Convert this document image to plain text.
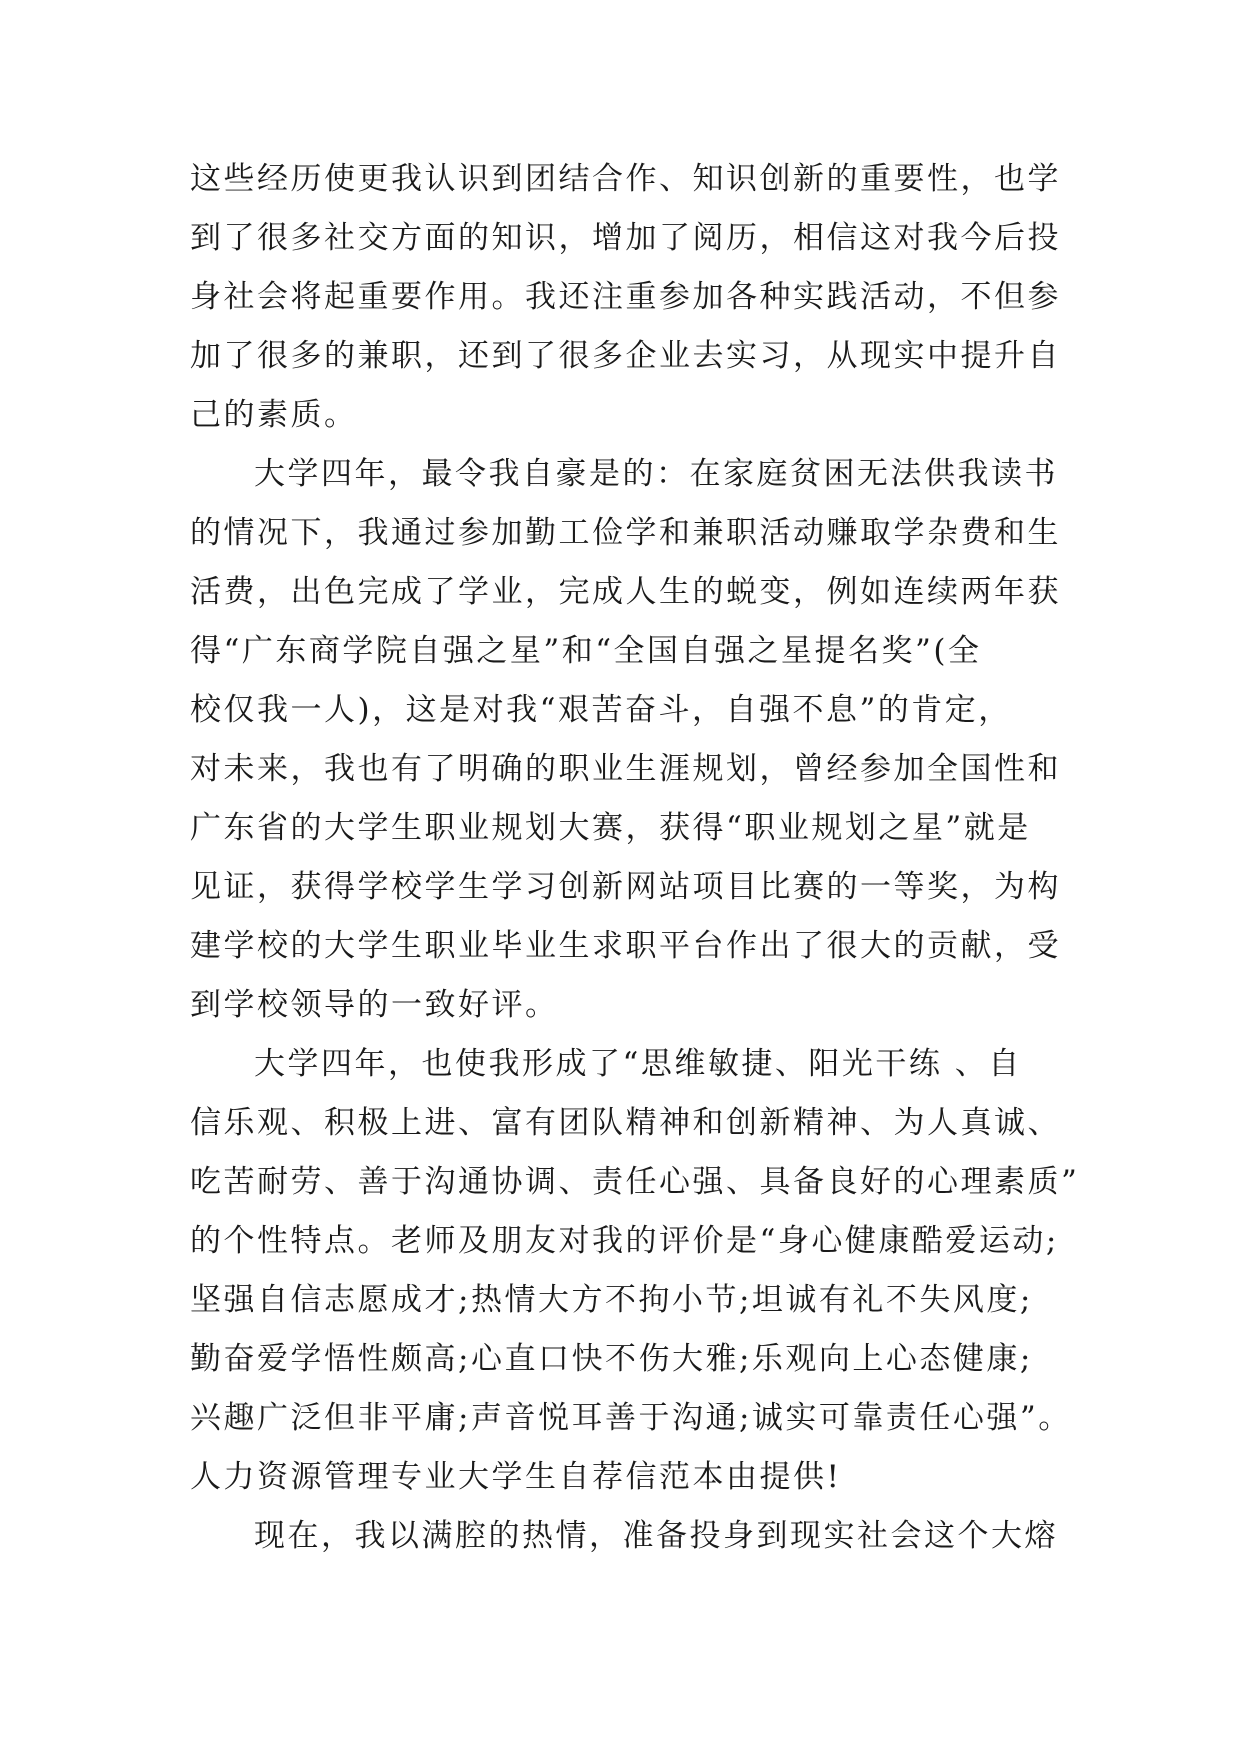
这些经历使更我认识到团结合作、知识创新的重要性，也学
到了很多社交方面的知识，增加了阅历，相信这对我今后投
身社会将起重要作用。我还注重参加各种实践活动，不但参
加了很多的兼职，还到了很多企业去实习，从现实中提升自
己的素质。
大学四年，最令我自豪是的：在家庭贫困无法供我读书
的情况下，我通过参加勤工俭学和兼职活动赚取学杂费和生
活费，出色完成了学业，完成人生的蜕变，例如连续两年获
得“广东商学院自强之星”和“全国自强之星提名奖”(全
校仅我一人)，这是对我“艰苦奋斗，自强不息”的肯定，
对未来，我也有了明确的职业生涯规划，曾经参加全国性和
广东省的大学生职业规划大赛，获得“职业规划之星”就是
见证，获得学校学生学习创新网站项目比赛的一等奖，为构
建学校的大学生职业毕业生求职平台作出了很大的贡献，受
到学校领导的一致好评。
大学四年，也使我形成了“思维敏捷、阳光干练 、自
信乐观、积极上进、富有团队精神和创新精神、为人真诚、
吃苦耐劳、善于沟通协调、责任心强、具备良好的心理素质”
的个性特点。老师及朋友对我的评价是“身心健康酷爱运动;
坚强自信志愿成才;热情大方不拘小节;坦诚有礼不失风度;
勤奋爱学悟性颇高;心直口快不伤大雅;乐观向上心态健康;
兴趣广泛但非平庸;声音悦耳善于沟通;诚实可靠责任心强”。
人力资源管理专业大学生自荐信范本由提供!
现在，我以满腔的热情，准备投身到现实社会这个大熔
